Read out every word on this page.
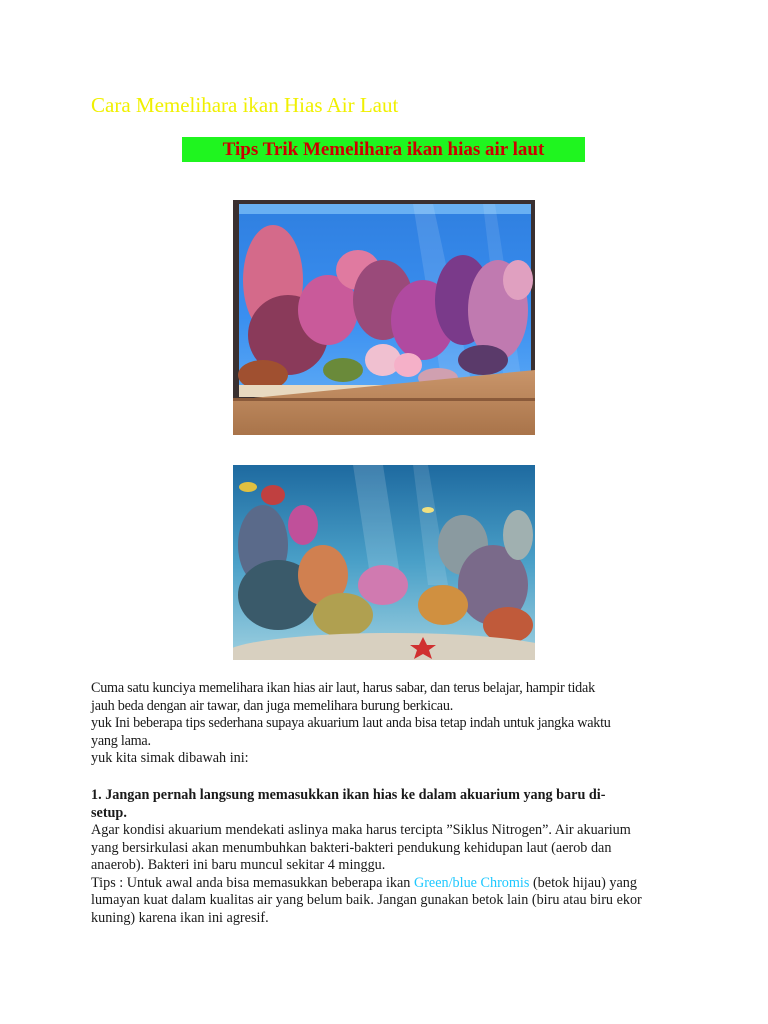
Cara Memelihara ikan Hias Air Laut
Tips Trik Memelihara ikan hias air laut

Cuma satu kunciya memelihara ikan hias air laut, harus sabar, dan terus belajar, hampir tidak

jauh beda dengan air tawar, dan juga memelihara burung berkicau.

yuk Ini beberapa tips sederhana supaya akuarium laut anda bisa tetap indah untuk jangka waktu

yang lama.

yuk kita simak dibawah ini:

1. Jangan pernah langsung memasukkan ikan hias ke dalam akuarium yang baru di-

setup.

Agar kondisi akuarium mendekati aslinya maka harus tercipta ”Siklus Nitrogen”. Air akuarium

yang bersirkulasi akan menumbuhkan bakteri-bakteri pendukung kehidupan laut (aerob dan

anaerob). Bakteri ini baru muncul sekitar 4 minggu.

Tips : Untuk awal anda bisa memasukkan beberapa ikan Green/blue Chromis (betok hijau) yang

lumayan kuat dalam kualitas air yang belum baik. Jangan gunakan betok lain (biru atau biru ekor

kuning) karena ikan ini agresif.
